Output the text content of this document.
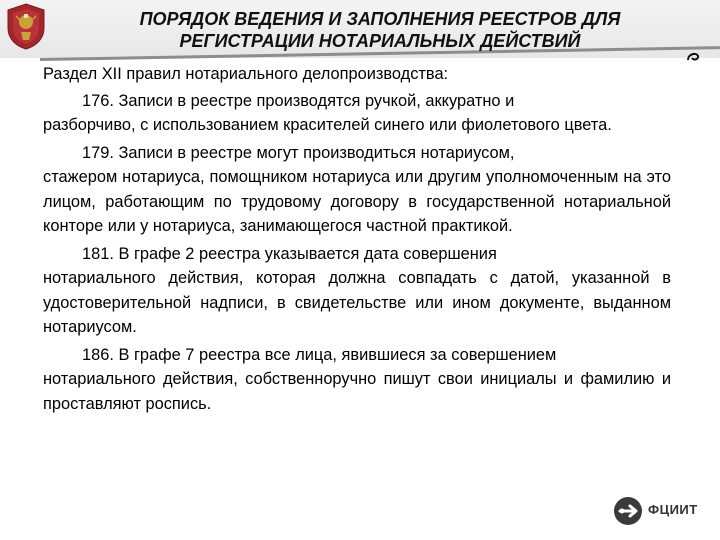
ПОРЯДОК ВЕДЕНИЯ И ЗАПОЛНЕНИЯ РЕЕСТРОВ ДЛЯ
РЕГИСТРАЦИИ НОТАРИАЛЬНЫХ ДЕЙСТВИЙ
Раздел XII правил нотариального делопроизводства:
176. Записи в реестре производятся ручкой, аккуратно и
разборчиво, с использованием красителей синего или фиолетового цвета.
179. Записи в реестре могут производиться нотариусом,
стажером нотариуса, помощником нотариуса или другим уполномоченным на это лицом, работающим по трудовому договору в государственной нотариальной конторе или у нотариуса, занимающегося частной практикой.
181. В графе 2 реестра указывается дата совершения
нотариального действия, которая должна совпадать с датой, указанной в удостоверительной надписи, в свидетельстве или ином документе, выданном нотариусом.
186. В графе 7 реестра все лица, явившиеся за совершением
нотариального действия, собственноручно пишут свои инициалы и фамилию и проставляют роспись.
ФЦИИТ
